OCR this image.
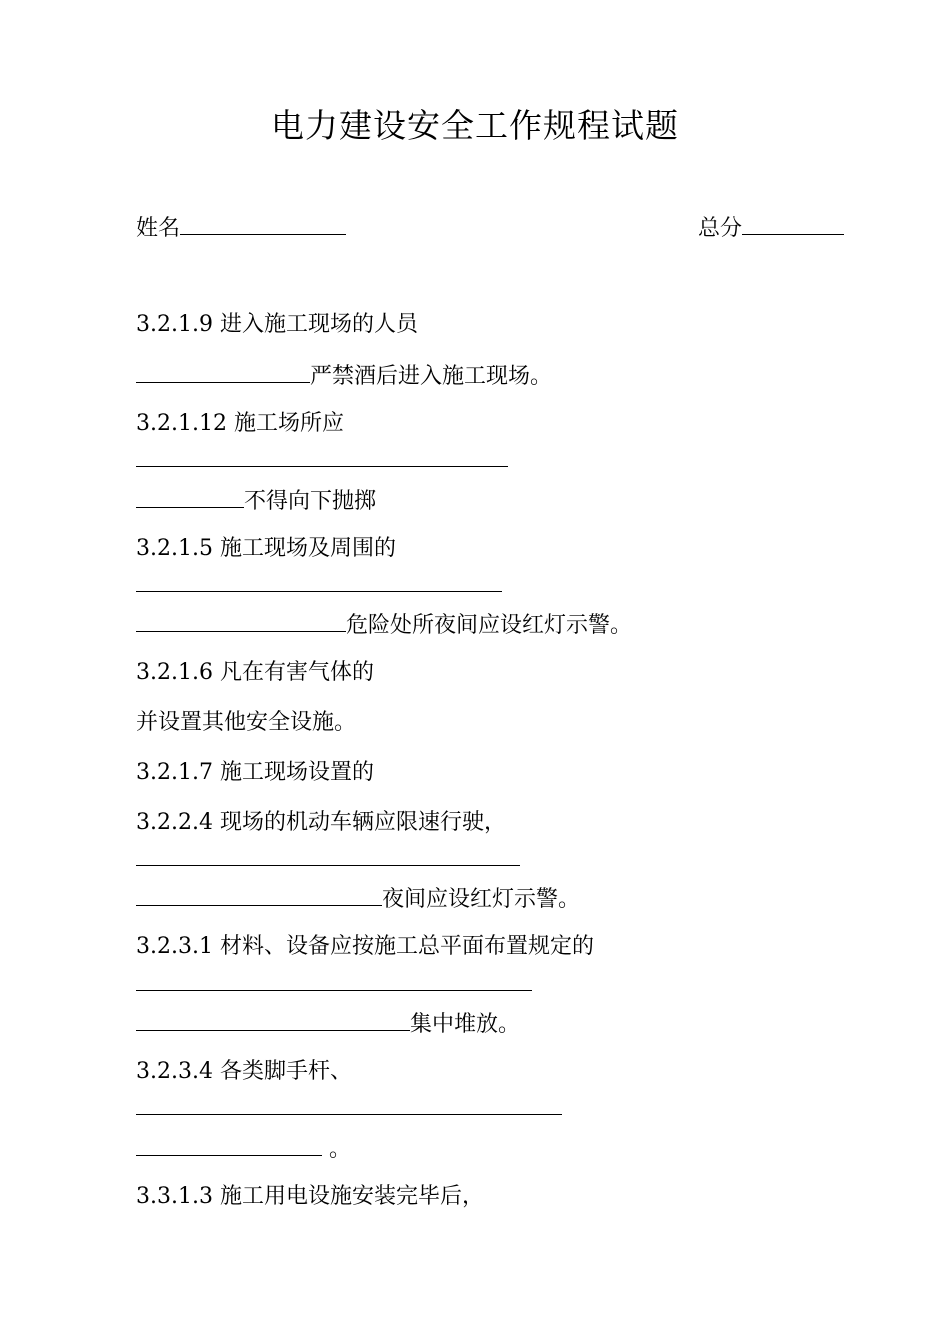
电力建设安全工作规程试题
姓名	总分
3.2.1.9 进入施工现场的人员
严禁酒后进入施工现场。
3.2.1.12 施工场所应
不得向下抛掷
3.2.1.5 施工现场及周围的
危险处所夜间应设红灯示警。
3.2.1.6 凡在有害气体的
并设置其他安全设施。
3.2.1.7 施工现场设置的
3.2.2.4 现场的机动车辆应限速行驶，
夜间应设红灯示警。
3.2.3.1 材料、设备应按施工总平面布置规定的
集中堆放。
3.2.3.4 各类脚手杆、
。
3.3.1.3 施工用电设施安装完毕后，
